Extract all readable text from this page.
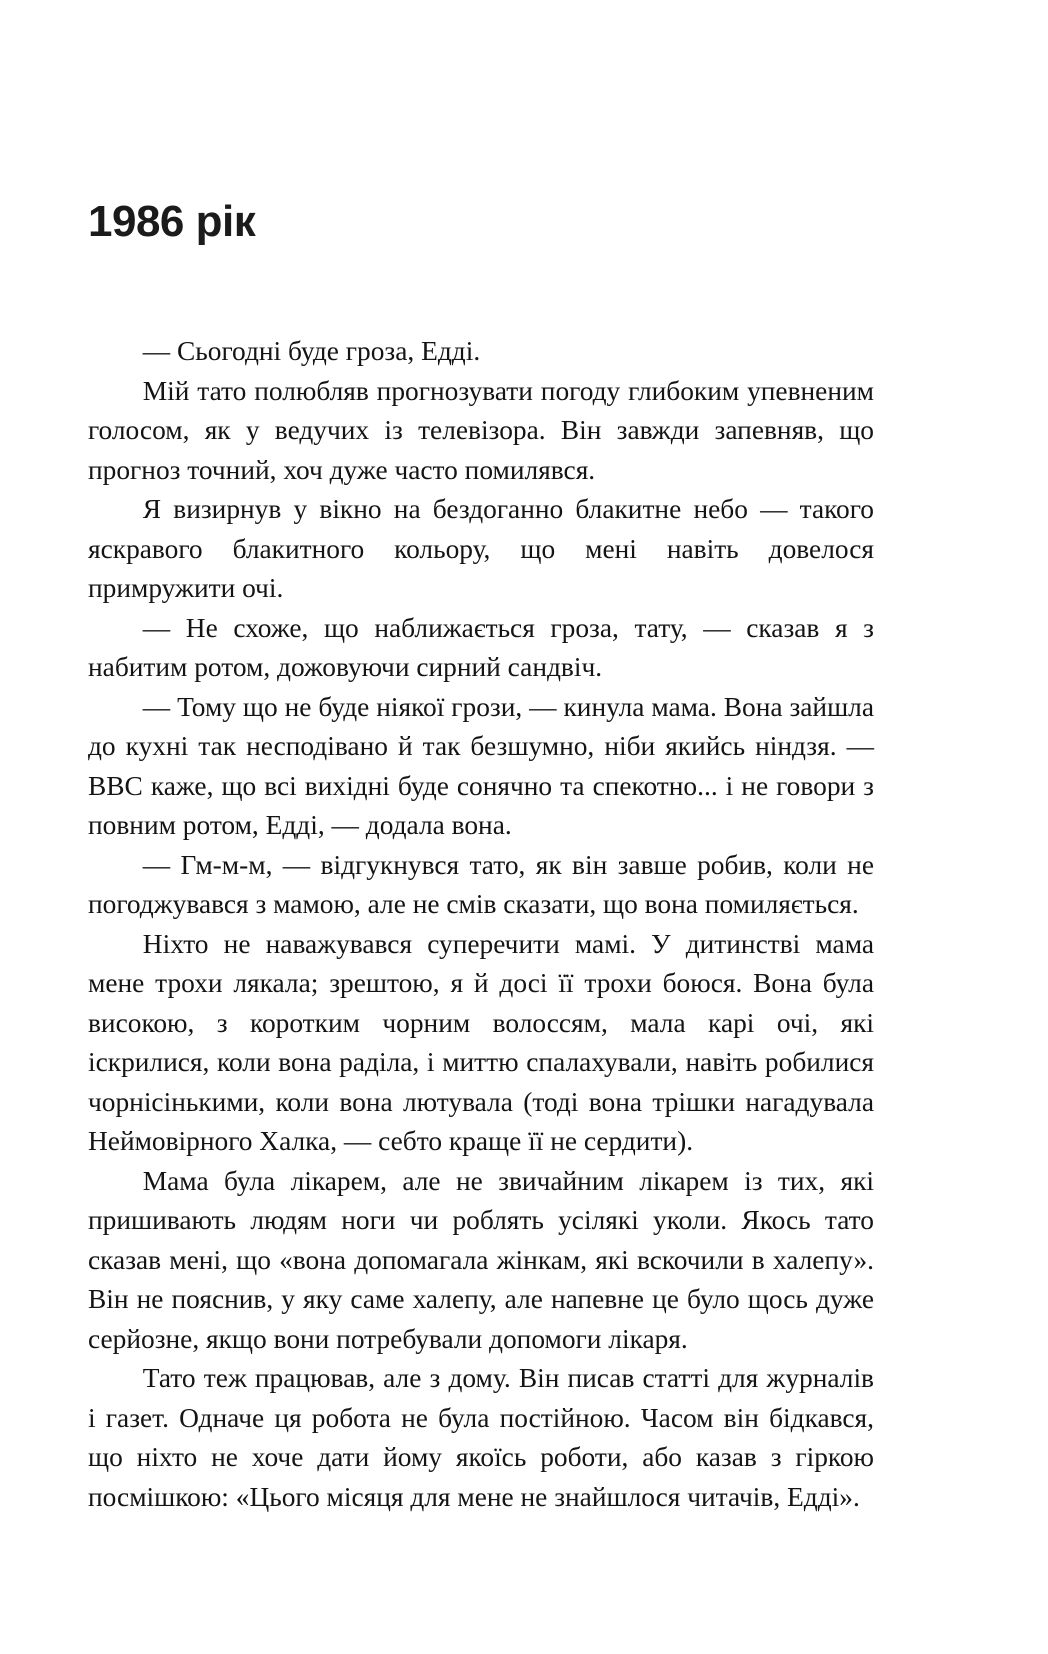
1986 рік

— Сьогодні буде гроза, Едді.

Мій тато полюбляв прогнозувати погоду глибоким упевненим голосом, як у ведучих із телевізора. Він завжди запевняв, що прогноз точний, хоч дуже часто помилявся.

Я визирнув у вікно на бездоганно блакитне небо — такого яскравого блакитного кольору, що мені навіть довелося примружити очі.

— Не схоже, що наближається гроза, тату, — сказав я з набитим ротом, дожовуючи сирний сандвіч.

— Тому що не буде ніякої грози, — кинула мама. Вона зайшла до кухні так несподівано й так безшумно, ніби якийсь ніндзя. — BBC каже, що всі вихідні буде сонячно та спекотно... і не говори з повним ротом, Едді, — додала вона.

— Гм-м-м, — відгукнувся тато, як він завше робив, коли не погоджувався з мамою, але не смів сказати, що вона помиляється.

Ніхто не наважувався суперечити мамі. У дитинстві мама мене трохи лякала; зрештою, я й досі її трохи боюся. Вона була високою, з коротким чорним волоссям, мала карі очі, які іскрилися, коли вона раділа, і миттю спалахували, навіть робилися чорнісінькими, коли вона лютувала (тоді вона трішки нагадувала Неймовірного Халка, — себто краще її не сердити).

Мама була лікарем, але не звичайним лікарем із тих, які пришивають людям ноги чи роблять усілякі уколи. Якось тато сказав мені, що «вона допомагала жінкам, які вскочили в халепу». Він не пояснив, у яку саме халепу, але напевне це було щось дуже серйозне, якщо вони потребували допомоги лікаря.

Тато теж працював, але з дому. Він писав статті для журналів і газет. Одначе ця робота не була постійною. Часом він бідкався, що ніхто не хоче дати йому якоїсь роботи, або казав з гіркою посмішкою: «Цього місяця для мене не знайшлося читачів, Едді».
